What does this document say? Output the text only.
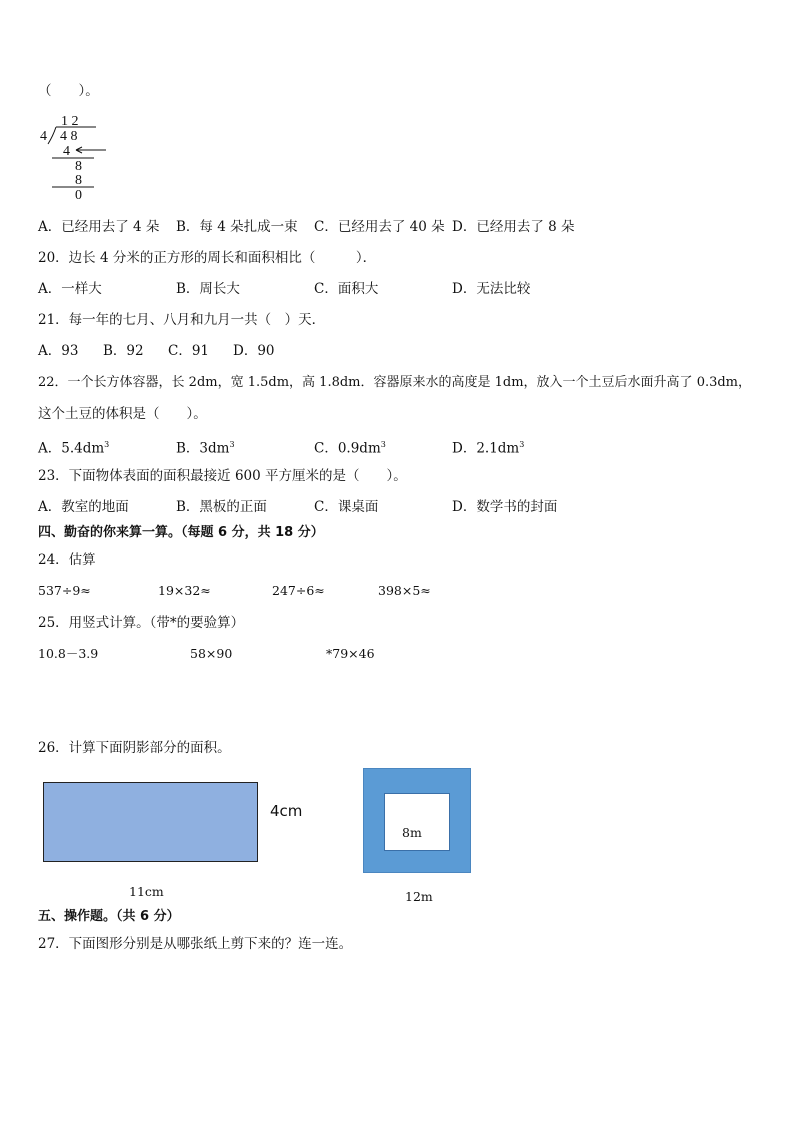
（　　）。
1 2
4 4 8
4
8
8
0
A．已经用去了 4 朵 B．每 4 朵扎成一束 C．已经用去了 40 朵 D．已经用去了 8 朵
20．边长 4 分米的正方形的周长和面积相比（　　　）．
A．一样大	B．周长大	C．面积大	D．无法比较
21．每一年的七月、八月和九月一共（　）天．
A．93 B．92 C．91 D．90
22．一个长方体容器，长 2dm，宽 1.5dm，高 1.8dm．容器原来水的高度是 1dm，放入一个土豆后水面升高了 0.3dm，
这个土豆的体积是（　　）。
A．$5.4dm^3$	B．$3dm^3$	C．$0.9dm^3$	D．$2.1dm^3$
23．下面物体表面的面积最接近 600 平方厘米的是（　　）。
A．教室的地面	B．黑板的正面	C．课桌面	D．数学书的封面
四、勤奋的你来算一算。（每题 6 分，共 18 分）
24．估算
537÷9≈	19×32≈	247÷6≈	398×5≈
25．用竖式计算。（带*的要验算）
10.8－3.9	58×90	*79×46
26．计算下面阴影部分的面积。
4cm
11cm
8m
12m
五、操作题。（共 6 分）
27．下面图形分别是从哪张纸上剪下来的？连一连。
